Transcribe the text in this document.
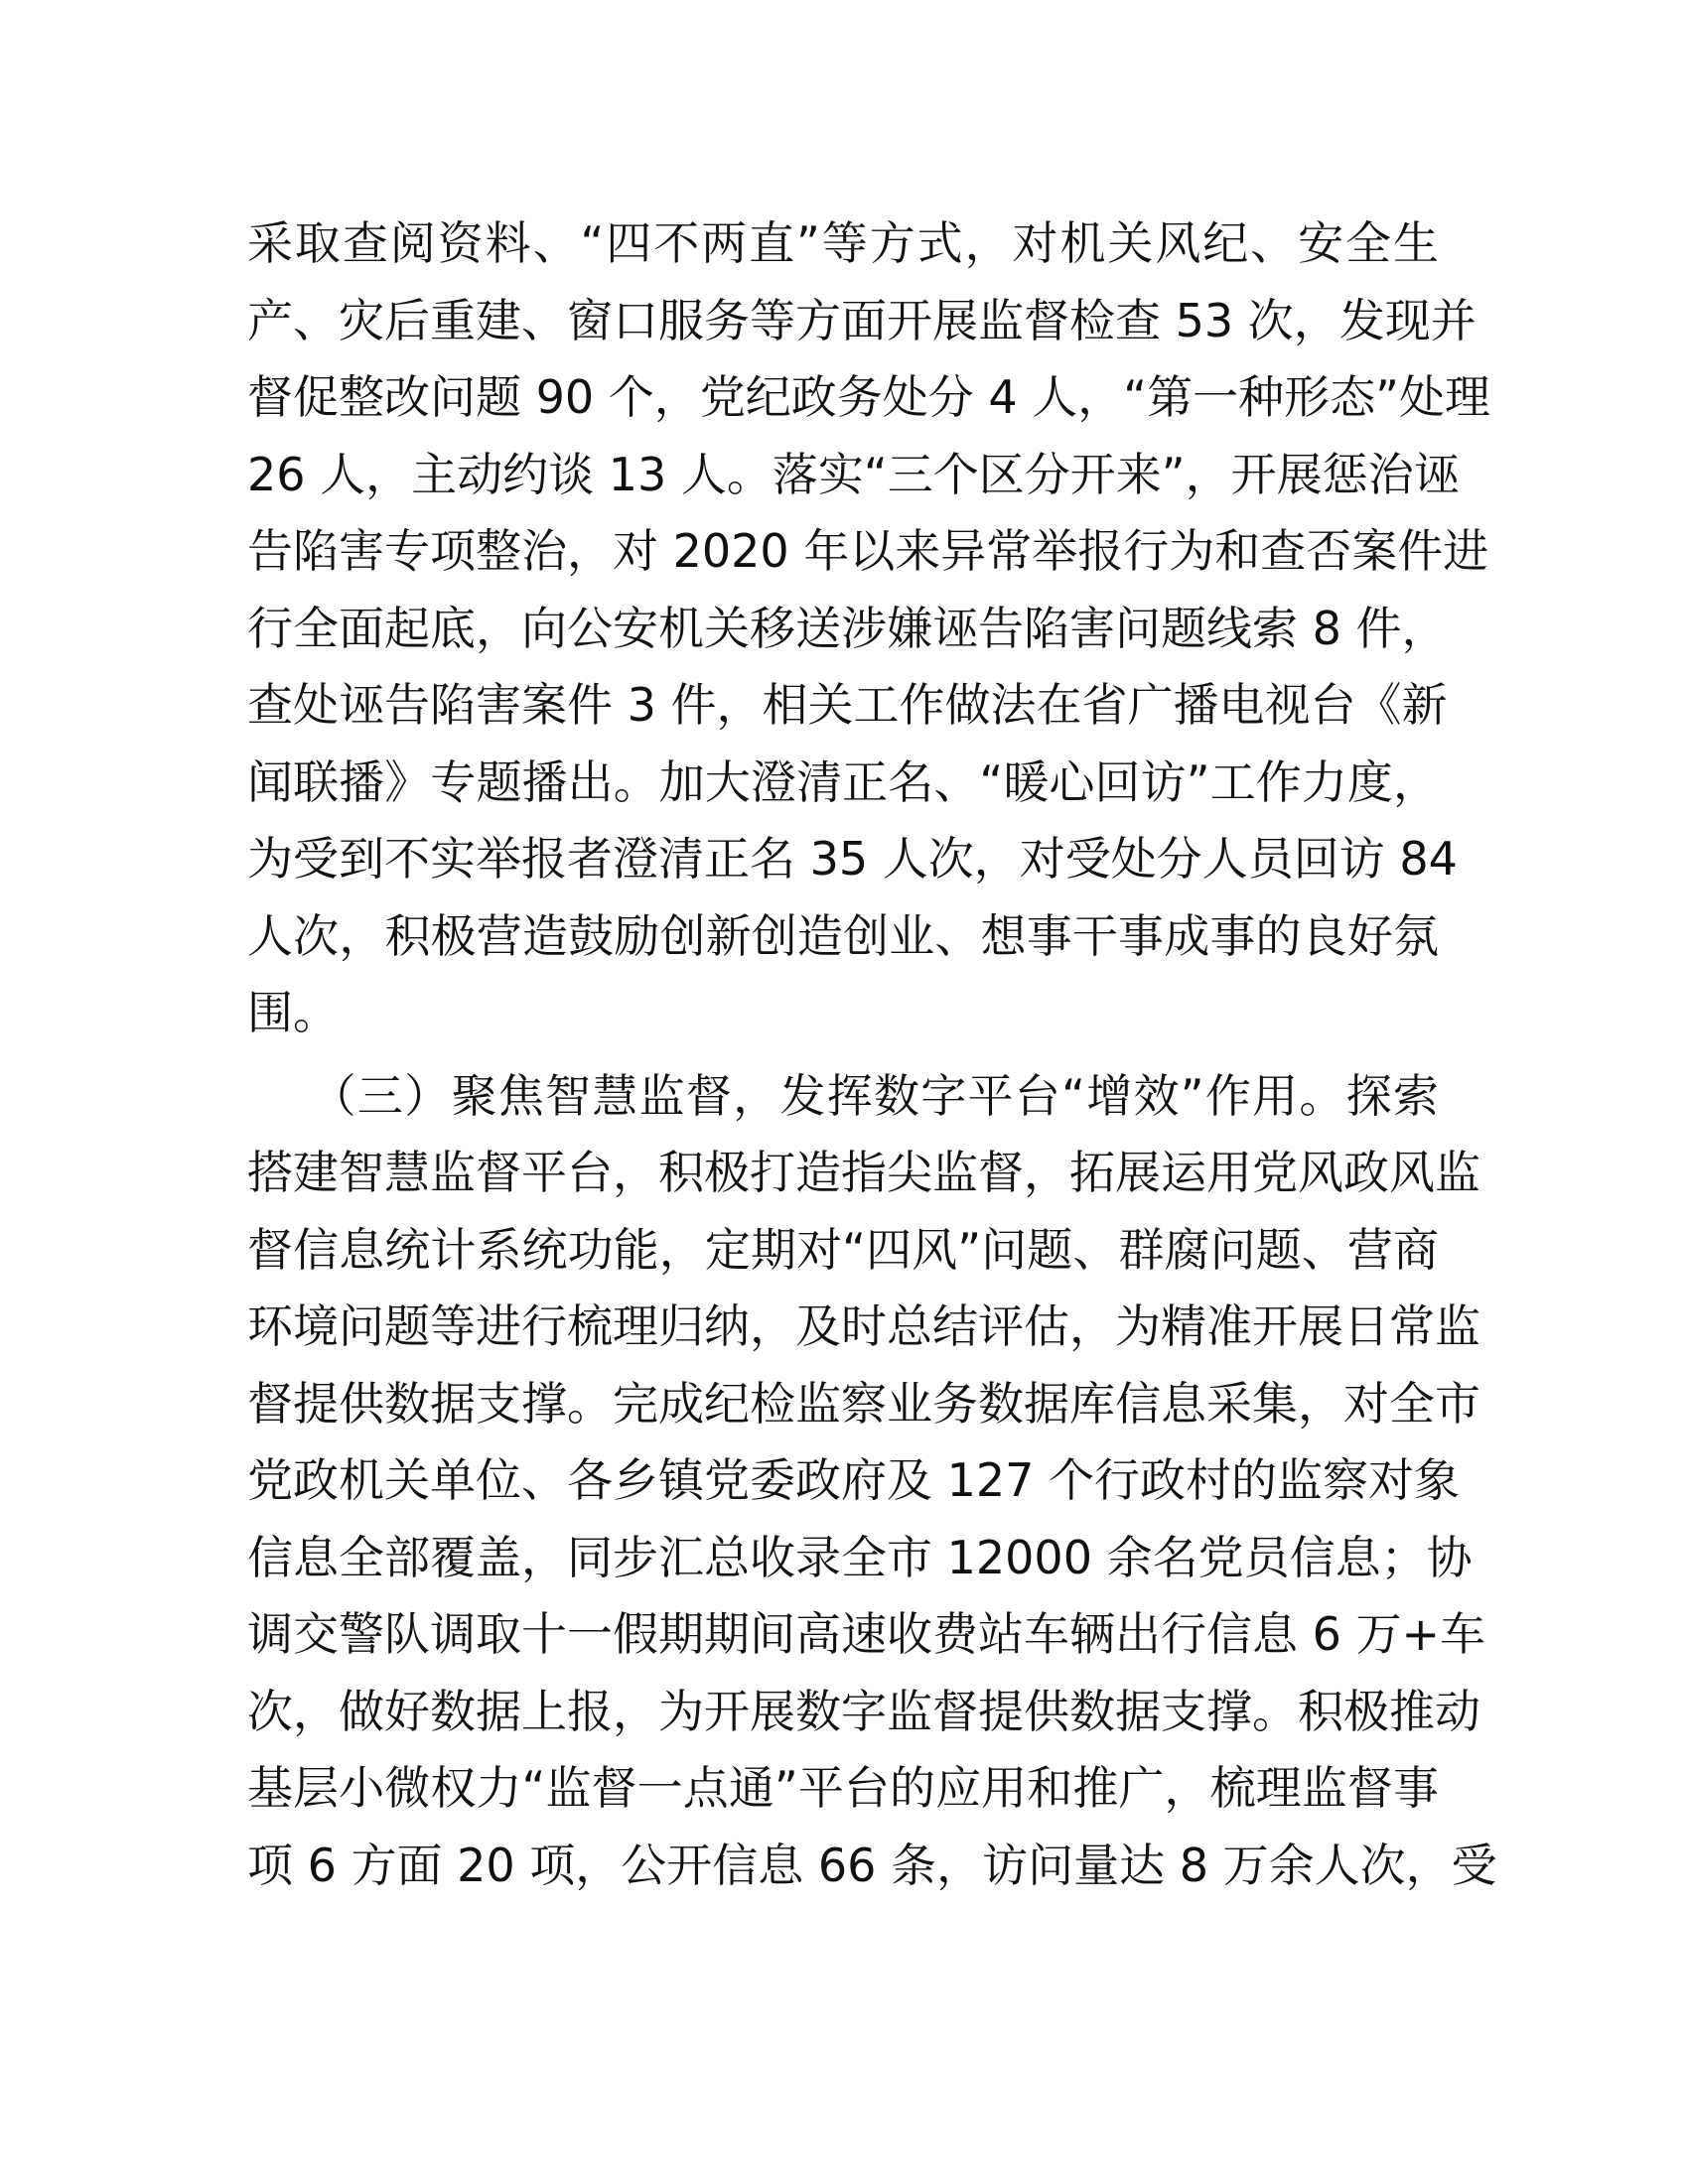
采取查阅资料、“四不两直”等方式，对机关风纪、安全生
产、灾后重建、窗口服务等方面开展监督检查 53 次，发现并
督促整改问题 90 个，党纪政务处分 4 人，“第一种形态”处理
26 人，主动约谈 13 人。落实“三个区分开来”，开展惩治诬
告陷害专项整治，对 2020 年以来异常举报行为和查否案件进
行全面起底，向公安机关移送涉嫌诬告陷害问题线索 8 件，
查处诬告陷害案件 3 件，相关工作做法在省广播电视台《新
闻联播》专题播出。加大澄清正名、“暖心回访”工作力度，
为受到不实举报者澄清正名 35 人次，对受处分人员回访 84
人次，积极营造鼓励创新创造创业、想事干事成事的良好氛
围。
（三）聚焦智慧监督，发挥数字平台“增效”作用。探索
搭建智慧监督平台，积极打造指尖监督，拓展运用党风政风监
督信息统计系统功能，定期对“四风”问题、群腐问题、营商
环境问题等进行梳理归纳，及时总结评估，为精准开展日常监
督提供数据支撑。完成纪检监察业务数据库信息采集，对全市
党政机关单位、各乡镇党委政府及 127 个行政村的监察对象
信息全部覆盖，同步汇总收录全市 12000 余名党员信息；协
调交警队调取十一假期期间高速收费站车辆出行信息 6 万+车
次，做好数据上报，为开展数字监督提供数据支撑。积极推动
基层小微权力“监督一点通”平台的应用和推广，梳理监督事
项 6 方面 20 项，公开信息 66 条，访问量达 8 万余人次，受
